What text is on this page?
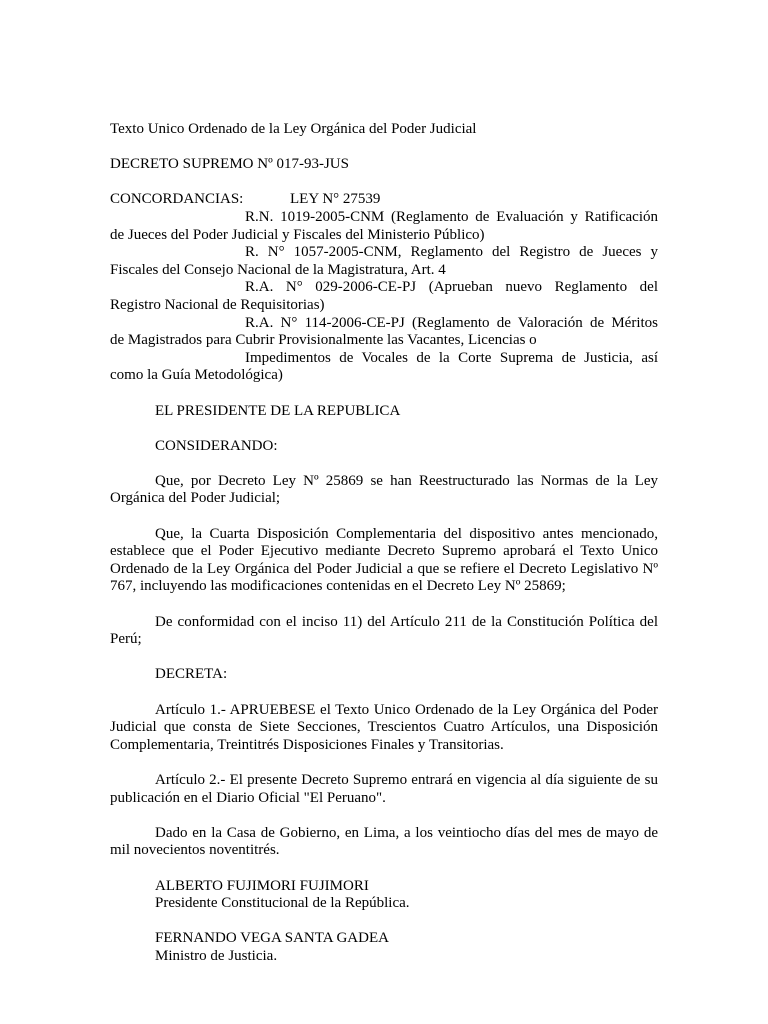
Texto Unico Ordenado de la Ley Orgánica del Poder Judicial

DECRETO SUPREMO Nº 017-93-JUS

CONCORDANCIAS:	LEY N° 27539
R.N. 1019-2005-CNM (Reglamento de Evaluación y Ratificación
de Jueces del Poder Judicial y Fiscales del Ministerio Público)
R. N° 1057-2005-CNM, Reglamento del Registro de Jueces y
Fiscales del Consejo Nacional de la Magistratura, Art. 4
R.A. N° 029-2006-CE-PJ (Aprueban nuevo Reglamento del
Registro Nacional de Requisitorias)
R.A. N° 114-2006-CE-PJ (Reglamento de Valoración de Méritos
de Magistrados para Cubrir Provisionalmente las Vacantes, Licencias o
Impedimentos de Vocales de la Corte Suprema de Justicia, así
como la Guía Metodológica)

EL PRESIDENTE DE LA REPUBLICA

CONSIDERANDO:

Que, por Decreto Ley Nº 25869 se han Reestructurado las Normas de la Ley Orgánica del Poder Judicial;

Que, la Cuarta Disposición Complementaria del dispositivo antes mencionado, establece que el Poder Ejecutivo mediante Decreto Supremo aprobará el Texto Unico Ordenado de la Ley Orgánica del Poder Judicial a que se refiere el Decreto Legislativo Nº 767, incluyendo las modificaciones contenidas en el Decreto Ley Nº 25869;

De conformidad con el inciso 11) del Artículo 211 de la Constitución Política del Perú;

DECRETA:

Artículo 1.- APRUEBESE el Texto Unico Ordenado de la Ley Orgánica del Poder Judicial que consta de Siete Secciones, Trescientos Cuatro Artículos, una Disposición Complementaria, Treintitrés Disposiciones Finales y Transitorias.

Artículo 2.- El presente Decreto Supremo entrará en vigencia al día siguiente de su publicación en el Diario Oficial "El Peruano".

Dado en la Casa de Gobierno, en Lima, a los veintiocho días del mes de mayo de mil novecientos noventitrés.

ALBERTO FUJIMORI FUJIMORI
Presidente Constitucional de la República.
FERNANDO VEGA SANTA GADEA
Ministro de Justicia.
